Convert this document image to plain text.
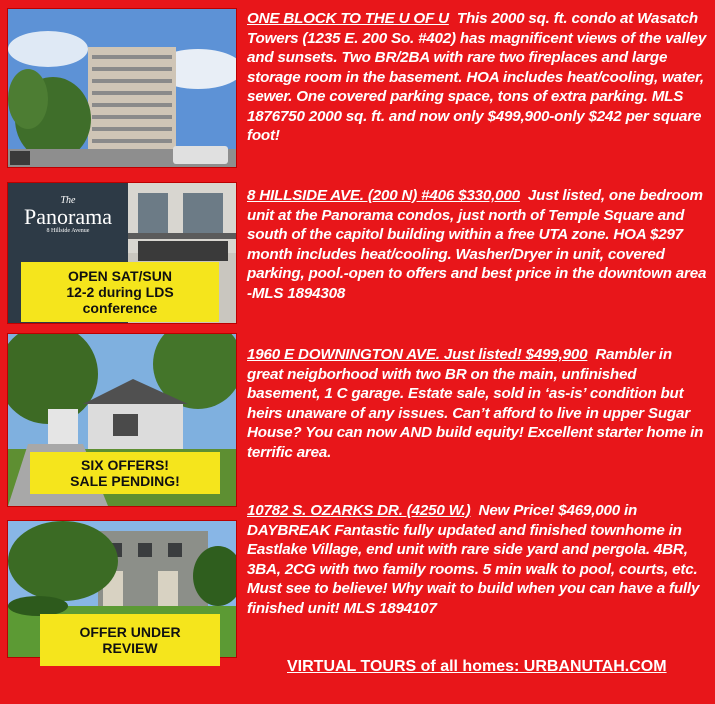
The
Panorama
8 Hillside Avenue
OPEN SAT/SUN
12-2 during LDS
conference
SIX OFFERS!
SALE PENDING!
OFFER UNDER
REVIEW
ONE BLOCK TO THE U OF U This 2000 sq. ft. condo at Wasatch Towers (1235 E. 200 So. #402) has magnificent views of the valley and sunsets. Two BR/2BA with rare two fireplaces and large storage room in the basement. HOA includes heat/cooling, water, sewer. One covered parking space, tons of extra parking. MLS 1876750 2000 sq. ft. and now only $499,900-only $242 per square foot!
8 HILLSIDE AVE. (200 N) #406 $330,000 Just listed, one bedroom unit at the Panorama condos, just north of Temple Square and south of the capitol building within a free UTA zone. HOA $297 month includes heat/cooling. Washer/Dryer in unit, covered parking, pool.-open to offers and best price in the downtown area -MLS 1894308
1960 E DOWNINGTON AVE. Just listed! $499,900 Rambler in great neigborhood with two BR on the main, unfinished basement, 1 C garage. Estate sale, sold in ‘as-is’ condition but heirs unaware of any issues. Can’t afford to live in upper Sugar House? You can now AND build equity! Excellent starter home in terrific area.
10782 S. OZARKS DR. (4250 W.) New Price! $469,000 in DAYBREAK Fantastic fully updated and finished townhome in Eastlake Village, end unit with rare side yard and pergola. 4BR, 3BA, 2CG with two family rooms. 5 min walk to pool, courts, etc. Must see to believe! Why wait to build when you can have a fully finished unit! MLS 1894107
VIRTUAL TOURS of all homes: URBANUTAH.COM
